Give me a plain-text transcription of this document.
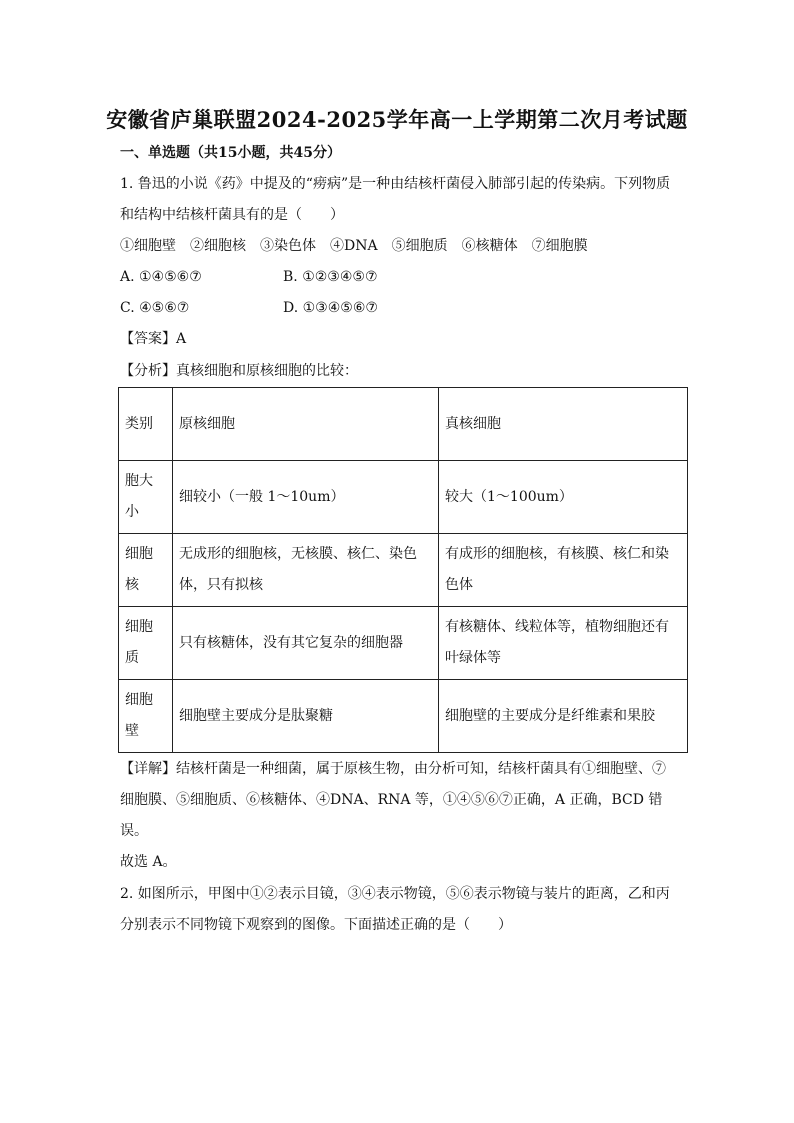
安徽省庐巢联盟2024-2025学年高一上学期第二次月考试题
一、单选题（共15小题，共45分）
1. 鲁迅的小说《药》中提及的“痨病”是一种由结核杆菌侵入肺部引起的传染病。下列物质
和结构中结核杆菌具有的是（　　）
①细胞壁　②细胞核　③染色体　④DNA　⑤细胞质　⑥核糖体　⑦细胞膜
A. ①④⑤⑥⑦	B. ①②③④⑤⑦
C. ④⑤⑥⑦	D. ①③④⑤⑥⑦
【答案】A
【分析】真核细胞和原核细胞的比较：
类别	原核细胞	真核细胞
胞大小	细较小（一般 1～10um）	较大（1～100um）
细胞核	无成形的细胞核，无核膜、核仁、染色体，只有拟核	有成形的细胞核，有核膜、核仁和染色体
细胞质	只有核糖体，没有其它复杂的细胞器	有核糖体、线粒体等，植物细胞还有叶绿体等
细胞壁	细胞壁主要成分是肽聚糖	细胞壁的主要成分是纤维素和果胶
【详解】结核杆菌是一种细菌，属于原核生物，由分析可知，结核杆菌具有①细胞壁、⑦
细胞膜、⑤细胞质、⑥核糖体、④DNA、RNA 等，①④⑤⑥⑦正确，A 正确，BCD 错
误。
故选 A。
2. 如图所示，甲图中①②表示目镜，③④表示物镜，⑤⑥表示物镜与装片的距离，乙和丙
分别表示不同物镜下观察到的图像。下面描述正确的是（　　）
